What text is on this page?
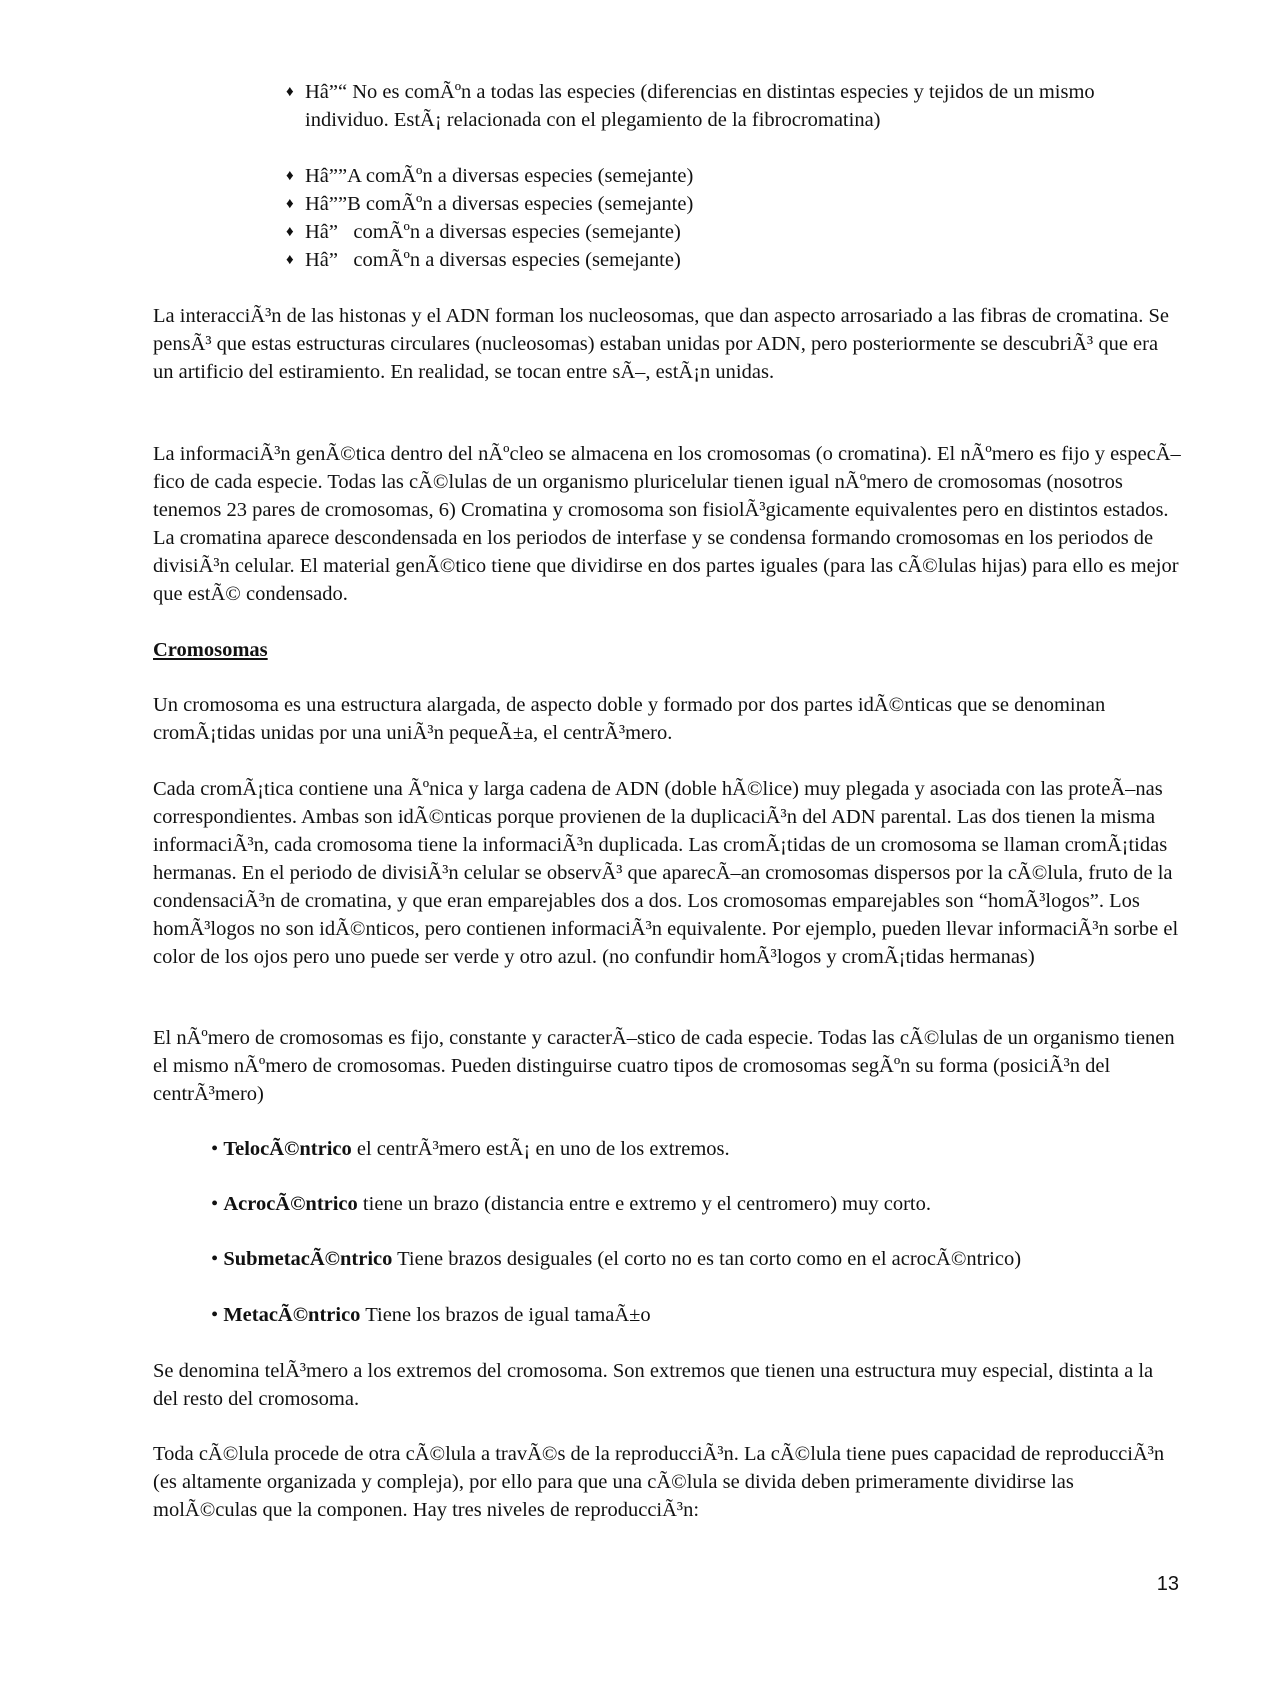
♦ Hâ”“ No es comÃºn a todas las especies (diferencias en distintas especies y tejidos de un mismo individuo. EstÃ¡ relacionada con el plegamiento de la fibrocromatina)
♦ Hâ””A comÃºn a diversas especies (semejante)
♦ Hâ””B comÃºn a diversas especies (semejante)
♦ Hâ”   comÃºn a diversas especies (semejante)
♦ Hâ”   comÃºn a diversas especies (semejante)

La interacciÃ³n de las histonas y el ADN forman los nucleosomas, que dan aspecto arrosariado a las fibras de cromatina. Se pensÃ³ que estas estructuras circulares (nucleosomas) estaban unidas por ADN, pero posteriormente se descubriÃ³ que era un artificio del estiramiento. En realidad, se tocan entre sÃ–, estÃ¡n unidas.

La informaciÃ³n genÃ©tica dentro del nÃºcleo se almacena en los cromosomas (o cromatina). El nÃºmero es fijo y especÃ–fico de cada especie. Todas las cÃ©lulas de un organismo pluricelular tienen igual nÃºmero de cromosomas (nosotros tenemos 23 pares de cromosomas, 6) Cromatina y cromosoma son fisiolÃ³gicamente equivalentes pero en distintos estados. La cromatina aparece descondensada en los periodos de interfase y se condensa formando cromosomas en los periodos de divisiÃ³n celular. El material genÃ©tico tiene que dividirse en dos partes iguales (para las cÃ©lulas hijas) para ello es mejor que estÃ© condensado.

Cromosomas

Un cromosoma es una estructura alargada, de aspecto doble y formado por dos partes idÃ©nticas que se denominan cromÃ¡tidas unidas por una uniÃ³n pequeÃ±a, el centrÃ³mero.

Cada cromÃ¡tica contiene una Ãºnica y larga cadena de ADN (doble hÃ©lice) muy plegada y asociada con las proteÃ–nas correspondientes. Ambas son idÃ©nticas porque provienen de la duplicaciÃ³n del ADN parental. Las dos tienen la misma informaciÃ³n, cada cromosoma tiene la informaciÃ³n duplicada. Las cromÃ¡tidas de un cromosoma se llaman cromÃ¡tidas hermanas. En el periodo de divisiÃ³n celular se observÃ³ que aparecÃ–an cromosomas dispersos por la cÃ©lula, fruto de la condensaciÃ³n de cromatina, y que eran emparejables dos a dos. Los cromosomas emparejables son “homÃ³logos”. Los homÃ³logos no son idÃ©nticos, pero contienen informaciÃ³n equivalente. Por ejemplo, pueden llevar informaciÃ³n sorbe el color de los ojos pero uno puede ser verde y otro azul. (no confundir homÃ³logos y cromÃ¡tidas hermanas)

El nÃºmero de cromosomas es fijo, constante y caracterÃ–stico de cada especie. Todas las cÃ©lulas de un organismo tienen el mismo nÃºmero de cromosomas. Pueden distinguirse cuatro tipos de cromosomas segÃºn su forma (posiciÃ³n del centrÃ³mero)

• TelocÃ©ntrico el centrÃ³mero estÃ¡ en uno de los extremos.

• AcrocÃ©ntrico tiene un brazo (distancia entre e extremo y el centromero) muy corto.

• SubmetacÃ©ntrico Tiene brazos desiguales (el corto no es tan corto como en el acrocÃ©ntrico)

• MetacÃ©ntrico Tiene los brazos de igual tamaÃ±o

Se denomina telÃ³mero a los extremos del cromosoma. Son extremos que tienen una estructura muy especial, distinta a la del resto del cromosoma.

Toda cÃ©lula procede de otra cÃ©lula a travÃ©s de la reproducciÃ³n. La cÃ©lula tiene pues capacidad de reproducciÃ³n (es altamente organizada y compleja), por ello para que una cÃ©lula se divida deben primeramente dividirse las molÃ©culas que la componen. Hay tres niveles de reproducciÃ³n:

13
